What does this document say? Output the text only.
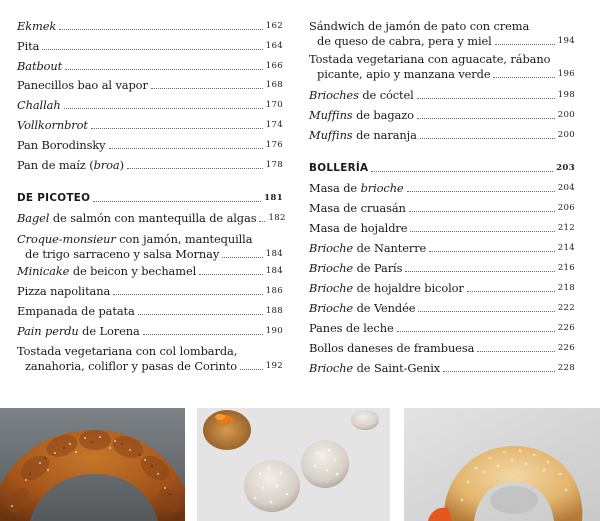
Ekmek	162
Pita	164
Batbout	166
Panecillos bao al vapor	168
Challah	170
Vollkornbrot	174
Pan Borodinsky	176
Pan de maíz (broa)	178
DE PICOTEO	181
Bagel de salmón con mantequilla de algas 182
Croque-monsieur con jamón, mantequilla
de trigo sarraceno y salsa Mornay	184
Minicake de beicon y bechamel	184
Pizza napolitana	186
Empanada de patata	188
Pain perdu de Lorena	190
Tostada vegetariana con col lombarda,
zanahoria, coliflor y pasas de Corinto	192
Sándwich de jamón de pato con crema
de queso de cabra, pera y miel	194
Tostada vegetariana con aguacate, rábano
picante, apio y manzana verde	196
Brioches de cóctel	198
Muffins de bagazo	200
Muffins de naranja	200
BOLLERÍA	203
Masa de brioche	204
Masa de cruasán	206
Masa de hojaldre	212
Brioche de Nanterre	214
Brioche de París	216
Brioche de hojaldre bicolor	218
Brioche de Vendée	222
Panes de leche	226
Bollos daneses de frambuesa	226
Brioche de Saint-Genix	228
